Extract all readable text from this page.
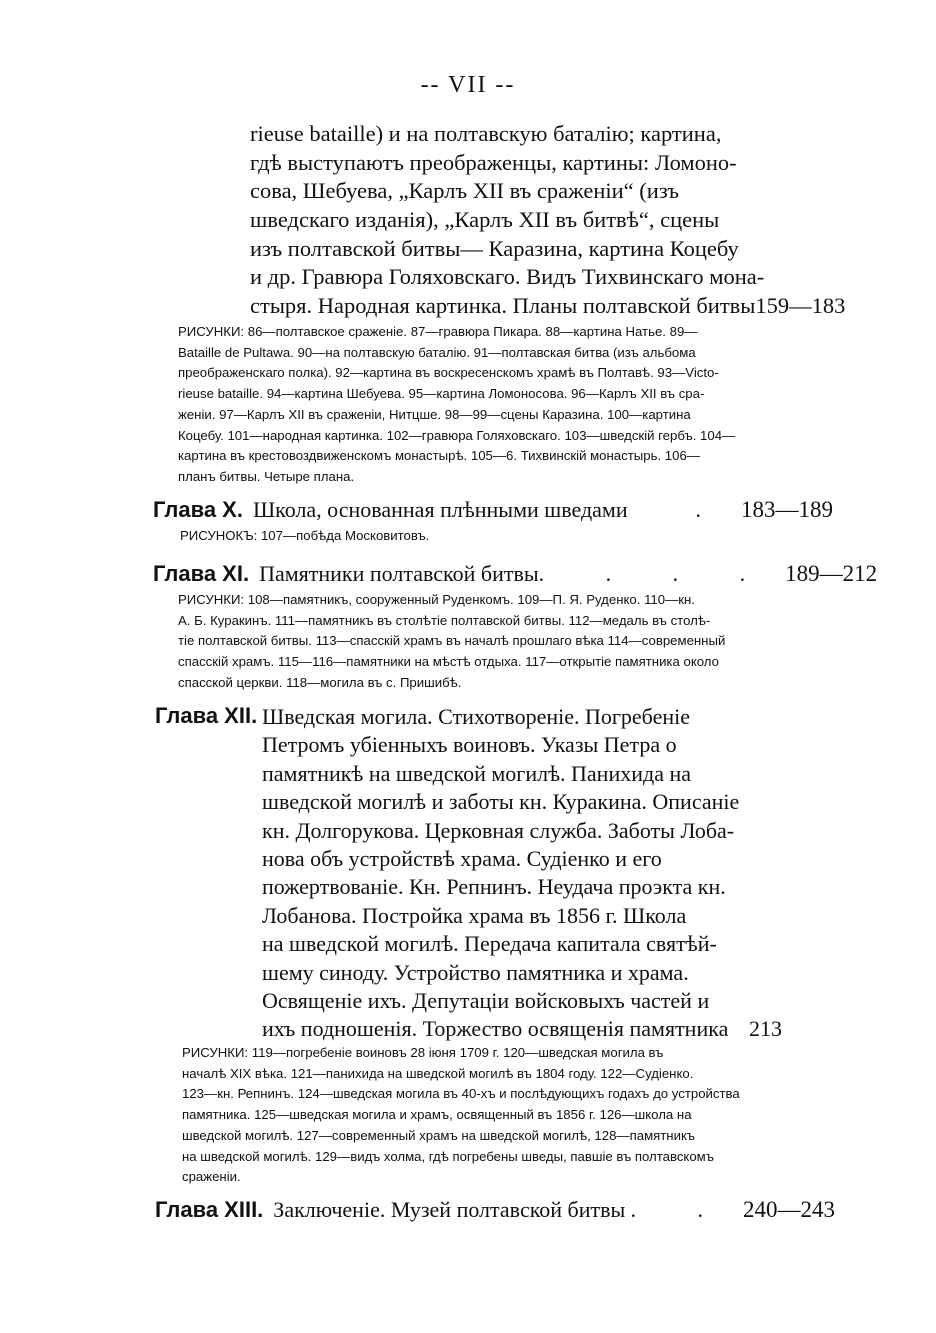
-- VII --
rieuse bataille) и на полтавскую баталію; картина,
гдѣ выступаютъ преображенцы, картины: Ломоно-
сова, Шебуева, „Карлъ XII въ сраженіи“ (изъ
шведскаго изданія), „Карлъ XII въ битвѣ“, сцены
изъ полтавской битвы— Каразина, картина Коцебу
и др. Гравюра Голяховскаго. Видъ Тихвинскаго мона-
стыря. Народная картинка. Планы полтавской битвы 159—183
РИСУНКИ: 86—полтавское сраженіе. 87—гравюра Пикара. 88—картина Натье. 89—
Bataille de Pultawa. 90—на полтавскую баталію. 91—полтавская битва (изъ альбома
преображенскаго полка). 92—картина въ воскресенскомъ храмѣ въ Полтавѣ. 93—Victo-
rieuse bataille. 94—картина Шебуева. 95—картина Ломоносова. 96—Карлъ XII въ сра-
женіи. 97—Карлъ XII въ сраженіи, Нитцше. 98—99—сцены Каразина. 100—картина
Коцебу. 101—народная картинка. 102—гравюра Голяховскаго. 103—шведскій гербъ. 104—
картина въ крестовоздвиженскомъ монастырѣ. 105—6. Тихвинскій монастырь. 106—
планъ битвы. Четыре плана.
Глава X. Школа, основанная плѣнными шведами	. 183—189
РИСУНОКЪ: 107—побѣда Московитовъ.
Глава XI. Памятники полтавской битвы . . . . 189—212
РИСУНКИ: 108—памятникъ, сооруженный Руденкомъ. 109—П. Я. Руденко. 110—кн.
А. Б. Куракинъ. 111—памятникъ въ столѣтіе полтавской битвы. 112—медаль въ столѣ-
тіе полтавской битвы. 113—спасскій храмъ въ началѣ прошлаго вѣка 114—современный
спасскій храмъ. 115—116—памятники на мѣстѣ отдыха. 117—открытіе памятника около
спасской церкви. 118—могила въ с. Пришибѣ.
Глава XII. Шведская могила. Стихотвореніе. Погребеніе
Петромъ убіенныхъ воиновъ. Указы Петра о
памятникѣ на шведской могилѣ. Панихида на
шведской могилѣ и заботы кн. Куракина. Описаніе
кн. Долгорукова. Церковная служба. Заботы Лоба-
нова объ устройствѣ храма. Судіенко и его
пожертвованіе. Кн. Репнинъ. Неудача проэкта кн.
Лобанова. Постройка храма въ 1856 г. Школа
на шведской могилѣ. Передача капитала святѣй-
шему синоду. Устройство памятника и храма.
Освященіе ихъ. Депутаціи войсковыхъ частей и
ихъ подношенія. Торжество освященія памятника 213
РИСУНКИ: 119—погребеніе воиновъ 28 іюня 1709 г. 120—шведская могила въ
началѣ XIX вѣка. 121—панихида на шведской могилѣ въ 1804 году. 122—Судіенко.
123—кн. Репнинъ. 124—шведская могила въ 40-хъ и послѣдующихъ годахъ до устройства
памятника. 125—шведская могила и храмъ, освященный въ 1856 г. 126—школа на
шведской могилѣ. 127—современный храмъ на шведской могилѣ, 128—памятникъ
на шведской могилѣ. 129—видъ холма, гдѣ погребены шведы, павшіе въ полтавскомъ
сраженіи.
Глава XIII. Заключеніе. Музей полтавской битвы . . 240—243
